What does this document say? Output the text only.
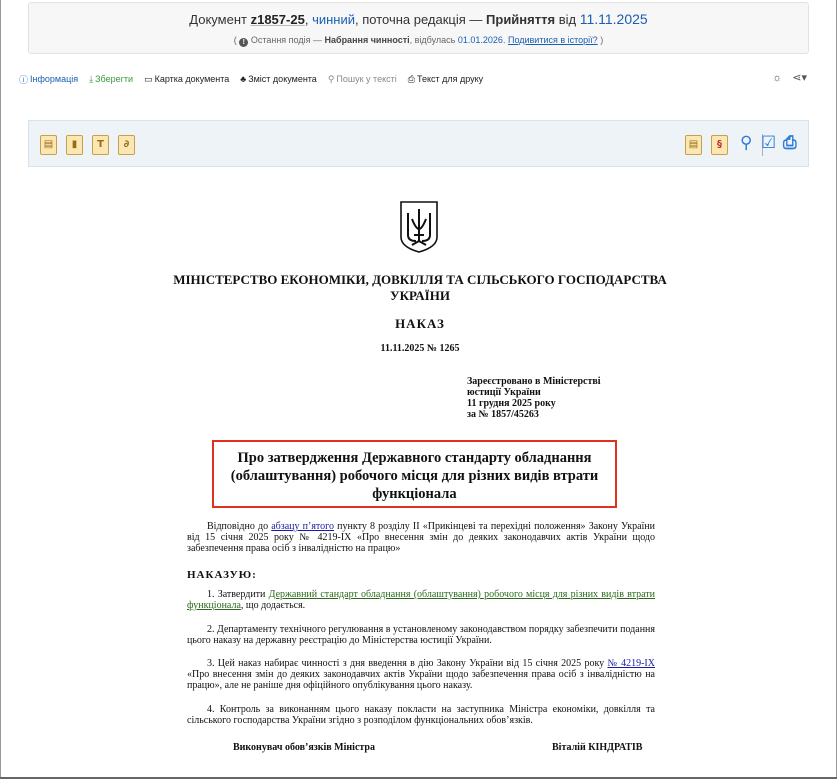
Документ z1857-25, чинний, поточна редакція — Прийняття від 11.11.2025
( ! Остання подія — Набрання чинності, відбулась 01.01.2026. Подивитися в історії? )
ⓘ Інформація ⤓ Зберегти ▭ Картка документа ♣ Зміст документа ⚲ Пошук у тексті ⎙ Текст для друку	☼ ⋖▾
▤	▮	T	∂	▤	§	⚲ ☑ ⎙
МІНІСТЕРСТВО ЕКОНОМІКИ, ДОВКІЛЛЯ ТА СІЛЬСЬКОГО ГОСПОДАРСТВА УКРАЇНИ
НАКАЗ
11.11.2025 № 1265
Зареєстровано в Міністерстві
юстиції України
11 грудня 2025 року
за № 1857/45263
Про затвердження Державного стандарту обладнання (облаштування) робочого місця для різних видів втрати функціонала
Відповідно до абзацу п’ятого пункту 8 розділу II «Прикінцеві та перехідні положення» Закону України від 15 січня 2025 року № 4219-IX «Про внесення змін до деяких законодавчих актів України щодо забезпечення права осіб з інвалідністю на працю»
НАКАЗУЮ:
1. Затвердити Державний стандарт обладнання (облаштування) робочого місця для різних видів втрати функціонала, що додається.
2. Департаменту технічного регулювання в установленому законодавством порядку забезпечити подання цього наказу на державну реєстрацію до Міністерства юстиції України.
3. Цей наказ набирає чинності з дня введення в дію Закону України від 15 січня 2025 року № 4219-IX «Про внесення змін до деяких законодавчих актів України щодо забезпечення права осіб з інвалідністю на працю», але не раніше дня офіційного опублікування цього наказу.
4. Контроль за виконанням цього наказу покласти на заступника Міністра економіки, довкілля та сільського господарства України згідно з розподілом функціональних обов’язків.
Виконувач обов’язків Міністра	Віталій КІНДРАТІВ
